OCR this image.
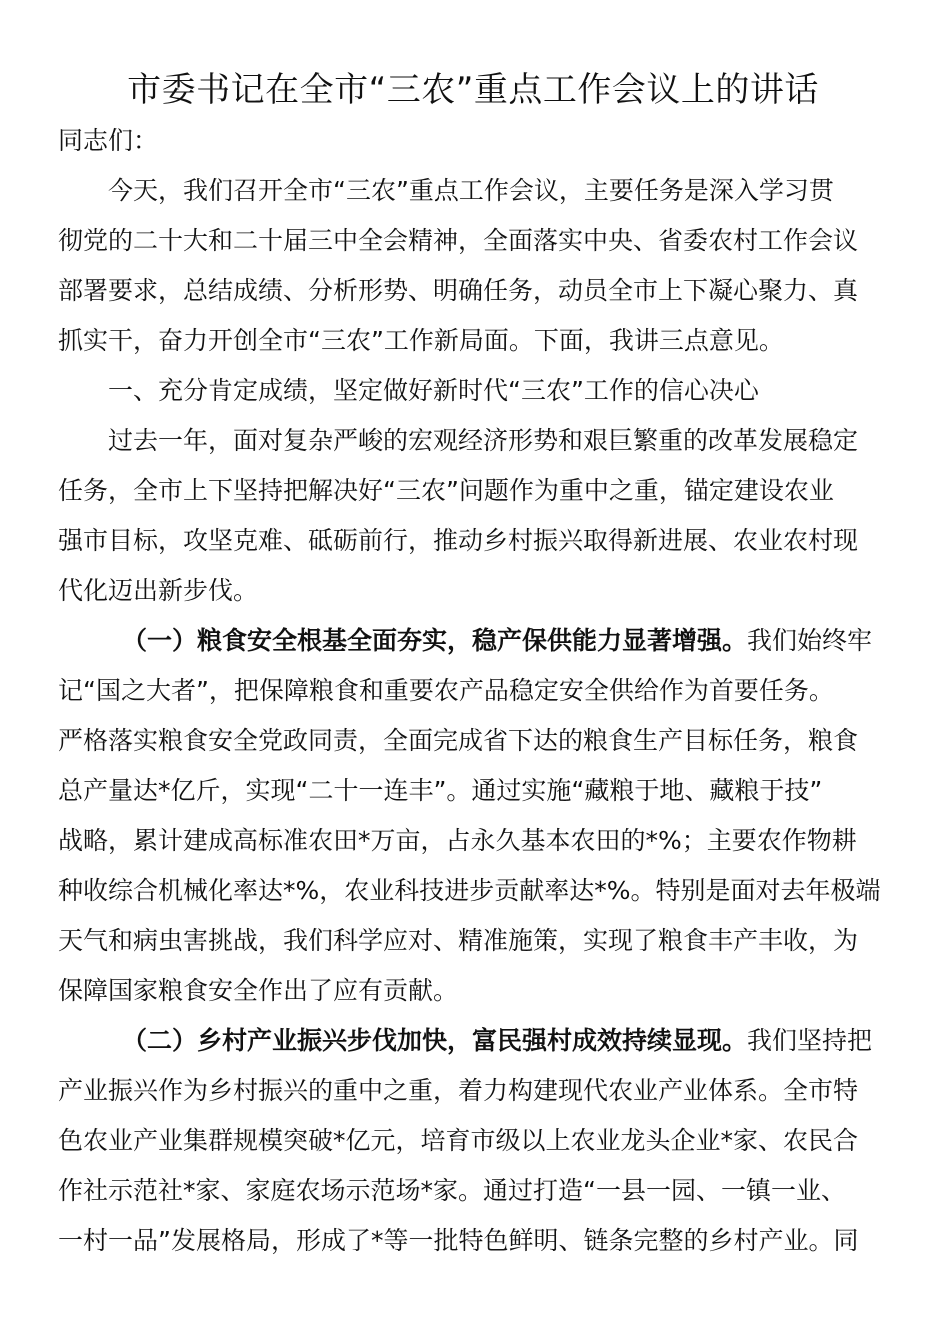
市委书记在全市“三农”重点工作会议上的讲话
同志们：
今天，我们召开全市“三农”重点工作会议，主要任务是深入学习贯
彻党的二十大和二十届三中全会精神，全面落实中央、省委农村工作会议
部署要求，总结成绩、分析形势、明确任务，动员全市上下凝心聚力、真
抓实干，奋力开创全市“三农”工作新局面。下面，我讲三点意见。
一、充分肯定成绩，坚定做好新时代“三农”工作的信心决心
过去一年，面对复杂严峻的宏观经济形势和艰巨繁重的改革发展稳定
任务，全市上下坚持把解决好“三农”问题作为重中之重，锚定建设农业
强市目标，攻坚克难、砥砺前行，推动乡村振兴取得新进展、农业农村现
代化迈出新步伐。
（一）粮食安全根基全面夯实，稳产保供能力显著增强。我们始终牢
记“国之大者”，把保障粮食和重要农产品稳定安全供给作为首要任务。
严格落实粮食安全党政同责，全面完成省下达的粮食生产目标任务，粮食
总产量达*亿斤，实现“二十一连丰”。通过实施“藏粮于地、藏粮于技”
战略，累计建成高标准农田*万亩，占永久基本农田的*%；主要农作物耕
种收综合机械化率达*%，农业科技进步贡献率达*%。特别是面对去年极端
天气和病虫害挑战，我们科学应对、精准施策，实现了粮食丰产丰收，为
保障国家粮食安全作出了应有贡献。
（二）乡村产业振兴步伐加快，富民强村成效持续显现。我们坚持把
产业振兴作为乡村振兴的重中之重，着力构建现代农业产业体系。全市特
色农业产业集群规模突破*亿元，培育市级以上农业龙头企业*家、农民合
作社示范社*家、家庭农场示范场*家。通过打造“一县一园、一镇一业、
一村一品”发展格局，形成了*等一批特色鲜明、链条完整的乡村产业。同
